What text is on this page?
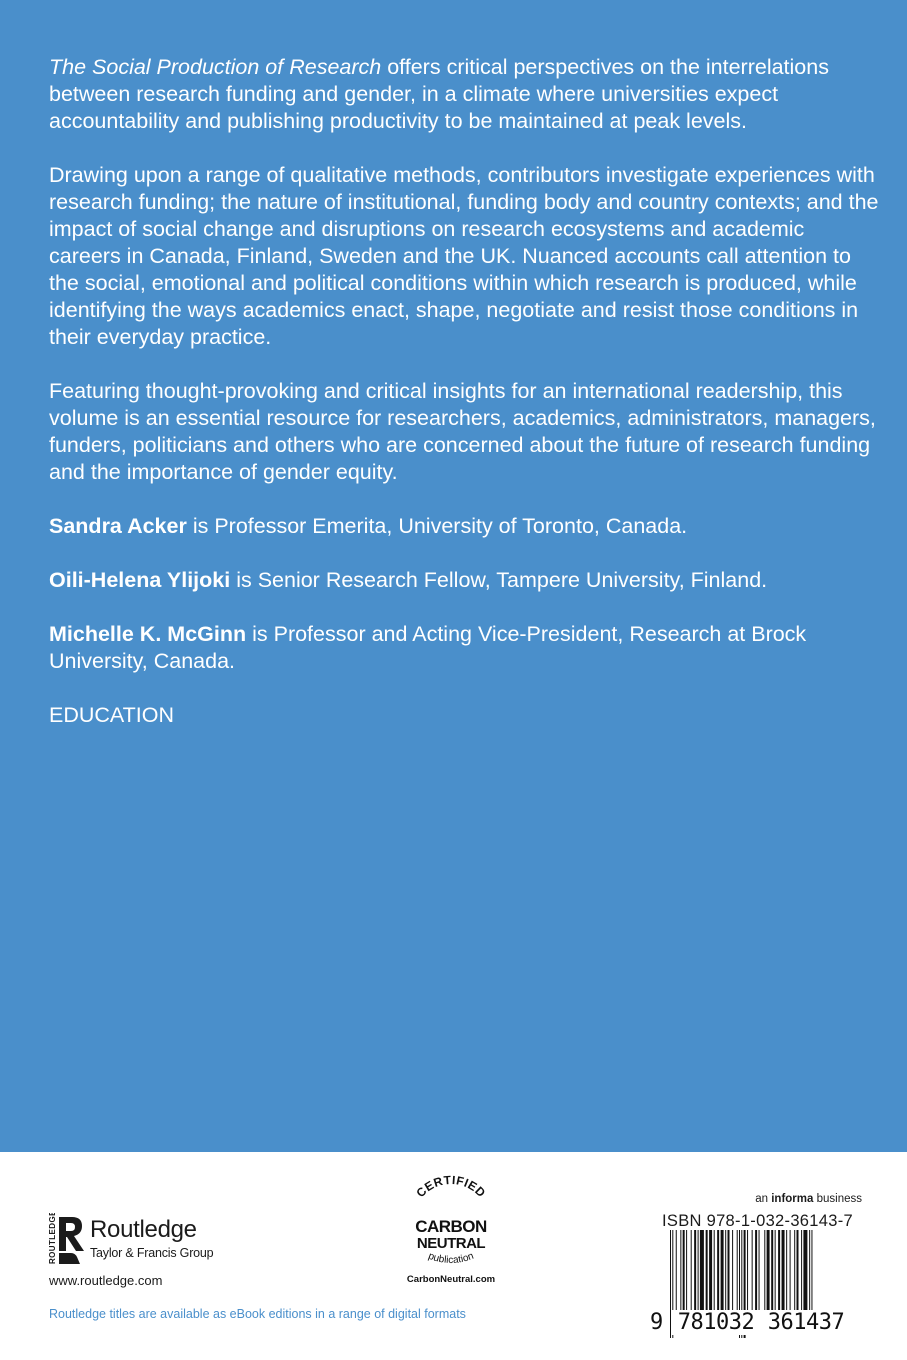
The Social Production of Research offers critical perspectives on the interrelations between research funding and gender, in a climate where universities expect accountability and publishing productivity to be maintained at peak levels.

Drawing upon a range of qualitative methods, contributors investigate experiences with research funding; the nature of institutional, funding body and country contexts; and the impact of social change and disruptions on research ecosystems and academic careers in Canada, Finland, Sweden and the UK. Nuanced accounts call attention to the social, emotional and political conditions within which research is produced, while identifying the ways academics enact, shape, negotiate and resist those conditions in their everyday practice.

Featuring thought-provoking and critical insights for an international readership, this volume is an essential resource for researchers, academics, administrators, managers, funders, politicians and others who are concerned about the future of research funding and the importance of gender equity.

Sandra Acker is Professor Emerita, University of Toronto, Canada.

Oili-Helena Ylijoki is Senior Research Fellow, Tampere University, Finland.

Michelle K. McGinn is Professor and Acting Vice-President, Research at Brock University, Canada.

EDUCATION

ROUTLEDGE Routledge
Taylor & Francis Group
www.routledge.com
Routledge titles are available as eBook editions in a range of digital formats
CERTIFIED
CARBON
NEUTRAL
publication
CarbonNeutral.com
an informa business
ISBN 978-1-032-36143-7
9 781032 361437
